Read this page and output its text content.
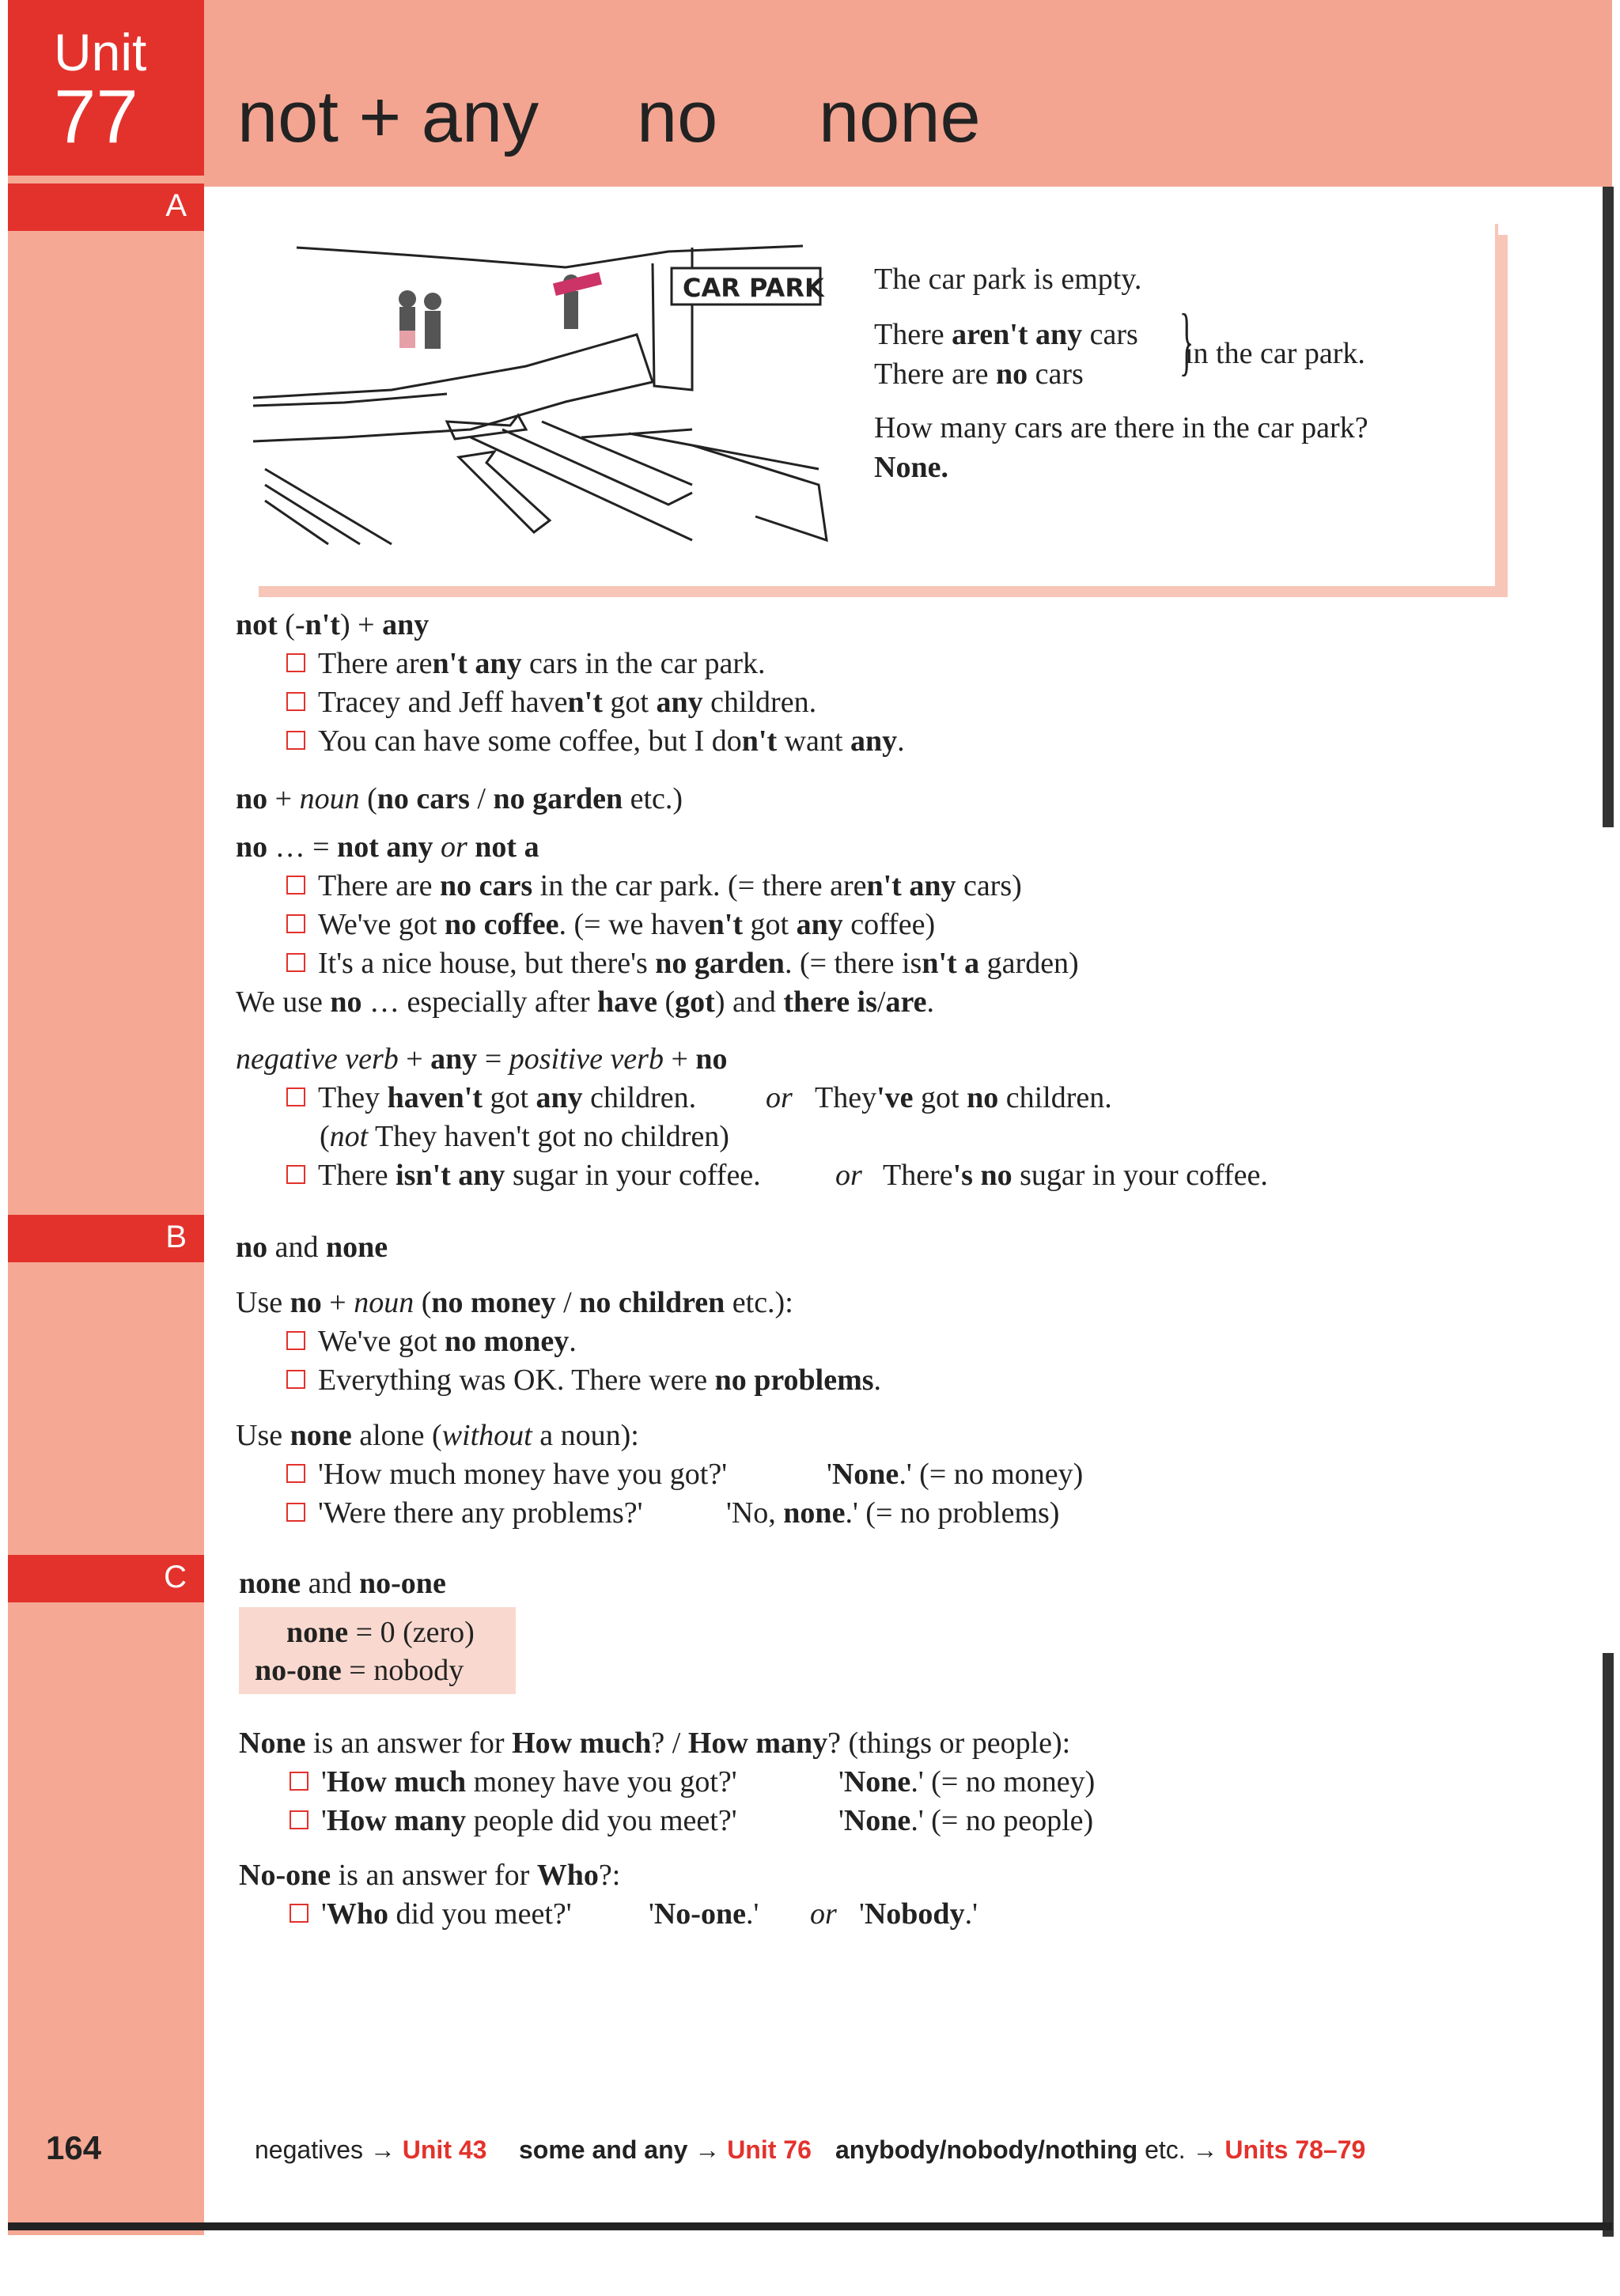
Unit
77
A
B
C
not + any no none
CAR PARK The car park is empty.
There aren't any cars
There are no cars }
in the car park.
How many cars are there in the car park?
None.
not (-n't) + any
There aren't any cars in the car park.
Tracey and Jeff haven't got any children.
You can have some coffee, but I don't want any.
no + noun (no cars / no garden etc.)
no … = not any or not a
There are no cars in the car park. (= there aren't any cars)
We've got no coffee. (= we haven't got any coffee)
It's a nice house, but there's no garden. (= there isn't a garden)
We use no … especially after have (got) and there is/are.
negative verb + any = positive verb + no
They haven't got any children. or They've got no children.
(not They haven't got no children)
There isn't any sugar in your coffee. or There's no sugar in your coffee.
no and none
Use no + noun (no money / no children etc.):
We've got no money.
Everything was OK. There were no problems.
Use none alone (without a noun):
'How much money have you got?'	'None.' (= no money)
'Were there any problems?'	'No, none.' (= no problems)
none and no-one
none = 0 (zero)
no-one = nobody
None is an answer for How much? / How many? (things or people):
'How much money have you got?'	'None.' (= no money)
'How many people did you meet?'	'None.' (= no people)
No-one is an answer for Who?:
'Who did you meet?'	'No-one.' or 'Nobody.'
164	negatives → Unit 43 some and any → Unit 76 anybody/nobody/nothing etc. → Units 78–79
